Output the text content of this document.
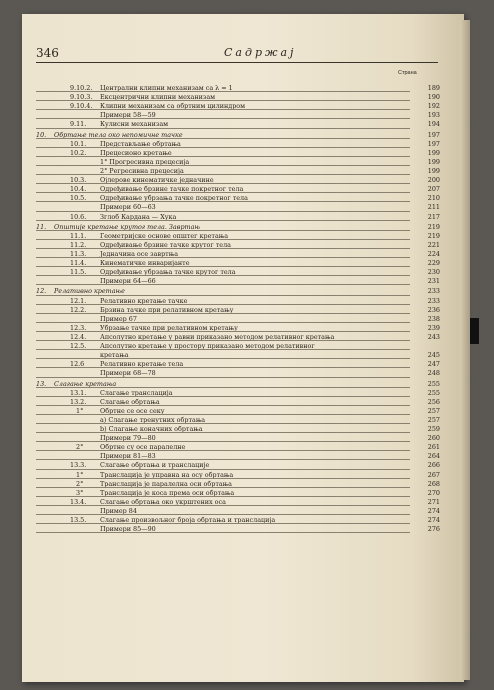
346	Садржај
Страна
9.10.2. Централни клипни механизам са λ = 1	189
9.10.3. Ексцентрични клипни механизам	190
9.10.4. Клипни механизам са обртним цилиндром	192
Примери 58—59	193
9.11. Кулисни механизам	194
10. Обртање тела око непомичне тачке	197
10.1. Представљање обртања	197
10.2. Прецесионо кретање	199
1° Прогресивна прецесија	199
2° Регресивна прецесија	199
10.3. Ојлерове кинематичке једначине	200
10.4. Одређивање брзине тачке покретног тела	207
10.5. Одређивање убрзања тачке покретног тела	210
Примери 60—63	211
10.6. Зглоб Кардана — Хука	217
11. Општије кретање крутог тела. Завртањ	219
11.1. Геометријске основе општег кретања	219
11.2. Одређивање брзине тачке крутог тела	221
11.3. Једначина осе завртња	224
11.4. Кинематичке инваријанте	229
11.5. Одређивање убрзања тачке крутог тела	230
Примери 64—66	231
12. Релативно кретање	233
12.1. Релативно кретање тачке	233
12.2. Брзина тачке при релативном кретању	236
Пример 67	238
12.3. Убрзање тачке при релативном кретању	239
12.4. Апсолутно кретање у равни приказано методом релативног кретања	243
12.5. Апсолутно кретање у простору приказано методом релативног
кретања	245
12.6 Релативно кретање тела	247
Примери 68—78	248
13. Слагање кретања	255
13.1. Слагање транслација	255
13.2. Слагање обртања	256
1°	Обртне се осе секу	257
а) Слагање тренутних обртања	257
b) Слагање коначних обртања	259
Примери 79—80	260
2°	Обртне су осе паралелне	261
Примери 81—83	264
13.3. Слагање обртања и транслације	266
1°	Транслација је управна на осу обртања	267
2°	Транслација је паралелна оси обртања	268
3°	Транслација је коса према оси обртања	270
13.4. Слагање обртања око укрштених оса	271
Пример 84	274
13.5. Слагање произвољног броја обртања и транслација	274
Примери 85—90	276
